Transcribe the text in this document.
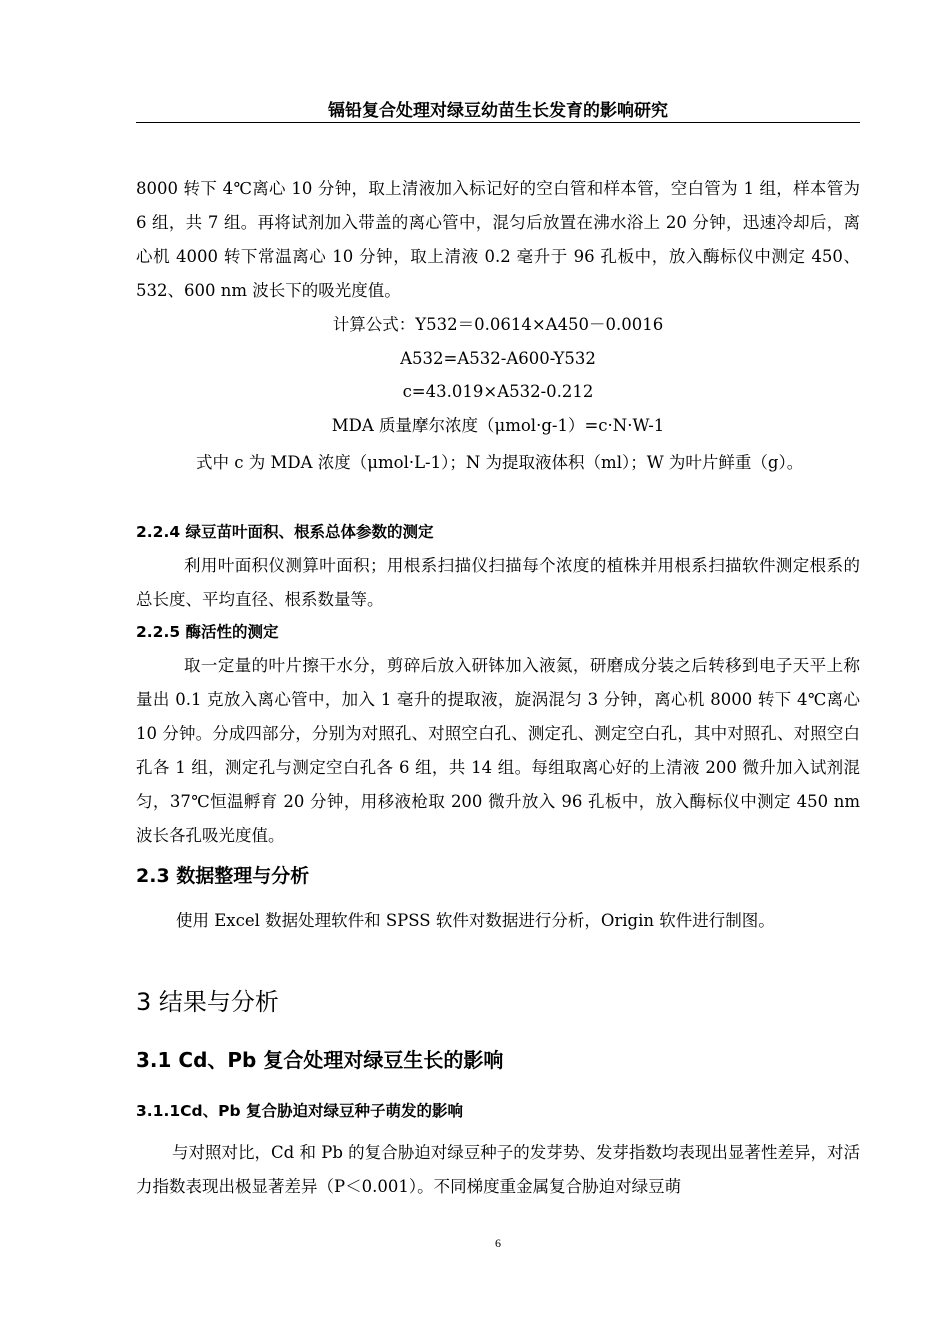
镉铅复合处理对绿豆幼苗生长发育的影响研究
8000 转下 4℃离心 10 分钟，取上清液加入标记好的空白管和样本管，空白管为 1 组，样本管为 6 组，共 7 组。再将试剂加入带盖的离心管中，混匀后放置在沸水浴上 20 分钟，迅速冷却后，离心机 4000 转下常温离心 10 分钟，取上清液 0.2 毫升于 96 孔板中，放入酶标仪中测定 450、532、600 nm 波长下的吸光度值。
计算公式：Y532＝0.0614×A450－0.0016
A532=A532-A600-Y532
c=43.019×A532-0.212
MDA 质量摩尔浓度（μmol·g-1）=c·N·W-1
式中 c 为 MDA 浓度（μmol·L-1）；N 为提取液体积（ml）；W 为叶片鲜重（g）。
2.2.4 绿豆苗叶面积、根系总体参数的测定
利用叶面积仪测算叶面积；用根系扫描仪扫描每个浓度的植株并用根系扫描软件测定根系的总长度、平均直径、根系数量等。
2.2.5 酶活性的测定
取一定量的叶片擦干水分，剪碎后放入研钵加入液氮，研磨成分装之后转移到电子天平上称量出 0.1 克放入离心管中，加入 1 毫升的提取液，旋涡混匀 3 分钟，离心机 8000 转下 4℃离心 10 分钟。分成四部分，分别为对照孔、对照空白孔、测定孔、测定空白孔，其中对照孔、对照空白孔各 1 组，测定孔与测定空白孔各 6 组，共 14 组。每组取离心好的上清液 200 微升加入试剂混匀，37℃恒温孵育 20 分钟，用移液枪取 200 微升放入 96 孔板中，放入酶标仪中测定 450 nm 波长各孔吸光度值。
2.3 数据整理与分析
使用 Excel 数据处理软件和 SPSS 软件对数据进行分析，Origin 软件进行制图。
3 结果与分析
3.1 Cd、Pb 复合处理对绿豆生长的影响
3.1.1Cd、Pb 复合胁迫对绿豆种子萌发的影响
与对照对比，Cd 和 Pb 的复合胁迫对绿豆种子的发芽势、发芽指数均表现出显著性差异，对活力指数表现出极显著差异（P＜0.001）。不同梯度重金属复合胁迫对绿豆萌
6
